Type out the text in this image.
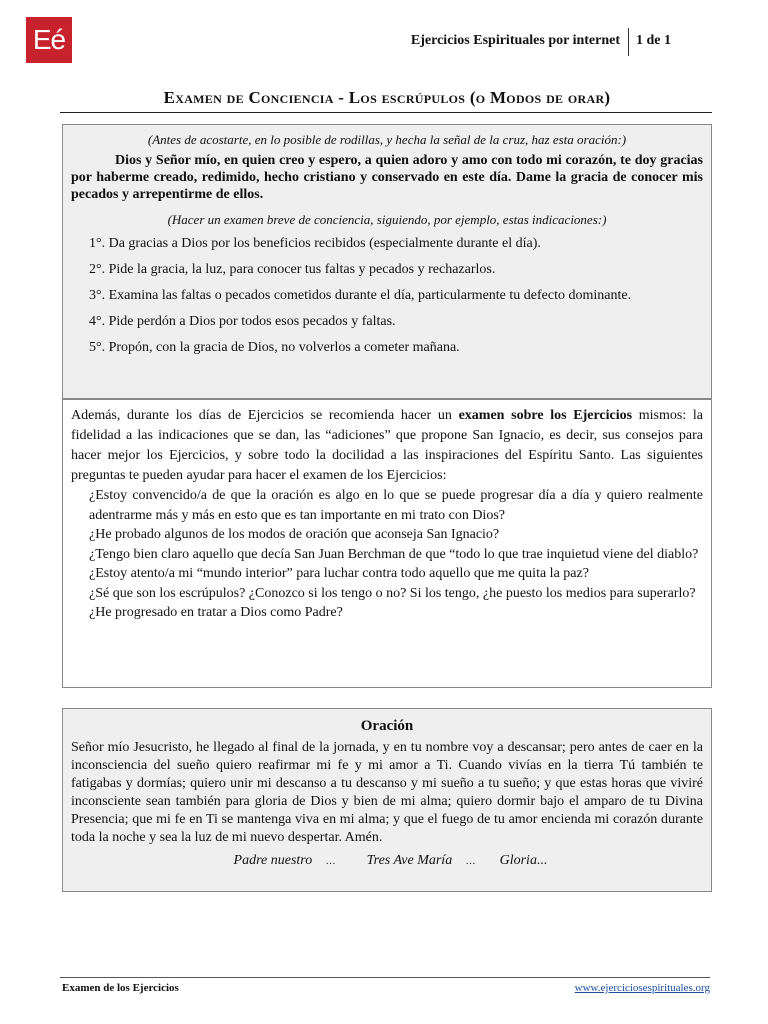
Eé	Ejercicios Espirituales por internet 1 de 1
Examen de Conciencia - Los escrúpulos (o Modos de orar)
(Antes de acostarte, en lo posible de rodillas, y hecha la señal de la cruz, haz esta oración:)
Dios y Señor mío, en quien creo y espero, a quien adoro y amo con todo mi corazón, te doy gracias por haberme creado, redimido, hecho cristiano y conservado en este día. Dame la gracia de conocer mis pecados y arrepentirme de ellos.
(Hacer un examen breve de conciencia, siguiendo, por ejemplo, estas indicaciones:)
1°. Da gracias a Dios por los beneficios recibidos (especialmente durante el día).
2°. Pide la gracia, la luz, para conocer tus faltas y pecados y rechazarlos.
3°. Examina las faltas o pecados cometidos durante el día, particularmente tu defecto dominante.
4°. Pide perdón a Dios por todos esos pecados y faltas.
5°. Propón, con la gracia de Dios, no volverlos a cometer mañana.
Además, durante los días de Ejercicios se recomienda hacer un examen sobre los Ejercicios mismos: la fidelidad a las indicaciones que se dan, las “adiciones” que propone San Ignacio, es decir, sus consejos para hacer mejor los Ejercicios, y sobre todo la docilidad a las inspiraciones del Espíritu Santo. Las siguientes preguntas te pueden ayudar para hacer el examen de los Ejercicios:
¿Estoy convencido/a de que la oración es algo en lo que se puede progresar día a día y quiero realmente adentrarme más y más en esto que es tan importante en mi trato con Dios?
¿He probado algunos de los modos de oración que aconseja San Ignacio?
¿Tengo bien claro aquello que decía San Juan Berchman de que “todo lo que trae inquietud viene del diablo?
¿Estoy atento/a mi “mundo interior” para luchar contra todo aquello que me quita la paz?
¿Sé que son los escrúpulos? ¿Conozco si los tengo o no? Si los tengo, ¿he puesto los medios para superarlo?
¿He progresado en tratar a Dios como Padre?
Oración
Señor mío Jesucristo, he llegado al final de la jornada, y en tu nombre voy a descansar; pero antes de caer en la inconsciencia del sueño quiero reafirmar mi fe y mi amor a Ti. Cuando vivías en la tierra Tú también te fatigabas y dormías; quiero unir mi descanso a tu descanso y mi sueño a tu sueño; y que estas horas que viviré inconsciente sean también para gloria de Dios y bien de mi alma; quiero dormir bajo el amparo de tu Divina Presencia; que mi fe en Ti se mantenga viva en mi alma; y que el fuego de tu amor encienda mi corazón durante toda la noche y sea la luz de mi nuevo despertar. Amén.
Padre nuestro … Tres Ave María … Gloria...
Examen de los Ejercicios	www.ejerciciosespirituales.org
